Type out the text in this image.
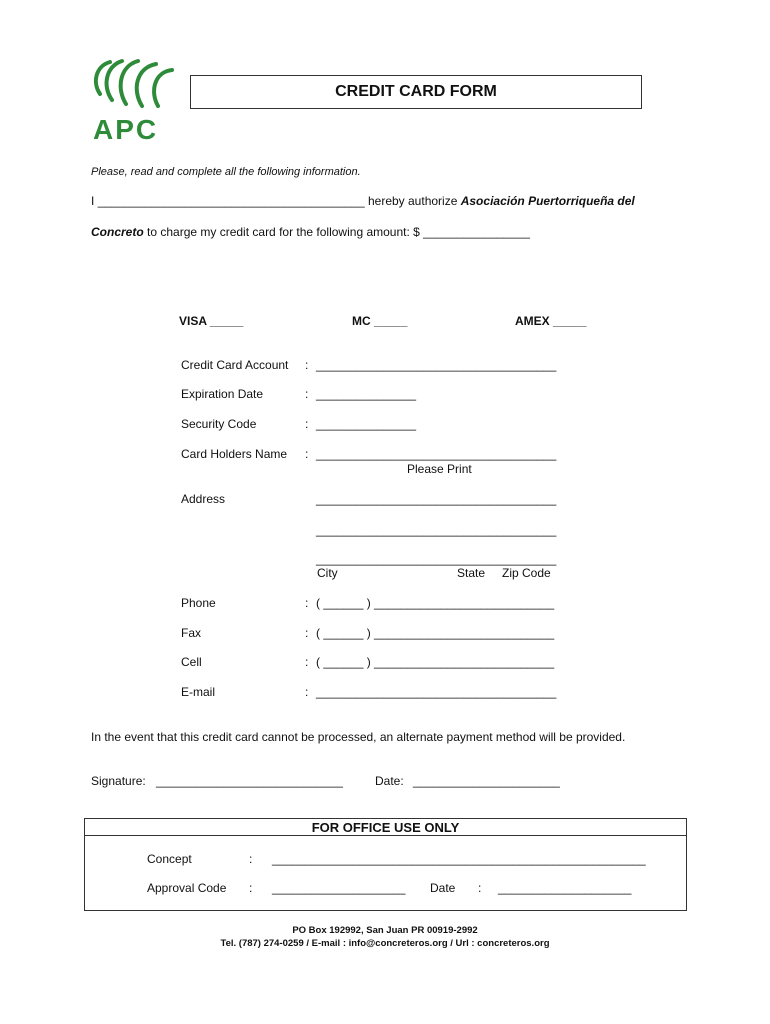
APC
CREDIT CARD FORM
Please, read and complete all the following information.
I ________________________________________ hereby authorize Asociación Puertorriqueña del
Concreto to charge my credit card for the following amount: $ ________________
VISA _____	MC _____	AMEX _____
Credit Card Account : ____________________________________
Expiration Date	: _______________
Security Code	: _______________
Card Holders Name : ____________________________________
Please Print
Address	____________________________________
____________________________________
____________________________________
City	State Zip Code
Phone	: ( ______ ) ___________________________
Fax	: ( ______ ) ___________________________
Cell	: ( ______ ) ___________________________
E-mail	: ____________________________________
In the event that this credit card cannot be processed, an alternate payment method will be provided.
Signature: ____________________________	Date: ______________________
FOR OFFICE USE ONLY
Concept	: ________________________________________________________
Approval Code : ____________________ Date : ____________________
PO Box 192992, San Juan PR 00919-2992
Tel. (787) 274-0259 / E-mail : info@concreteros.org / Url : concreteros.org
